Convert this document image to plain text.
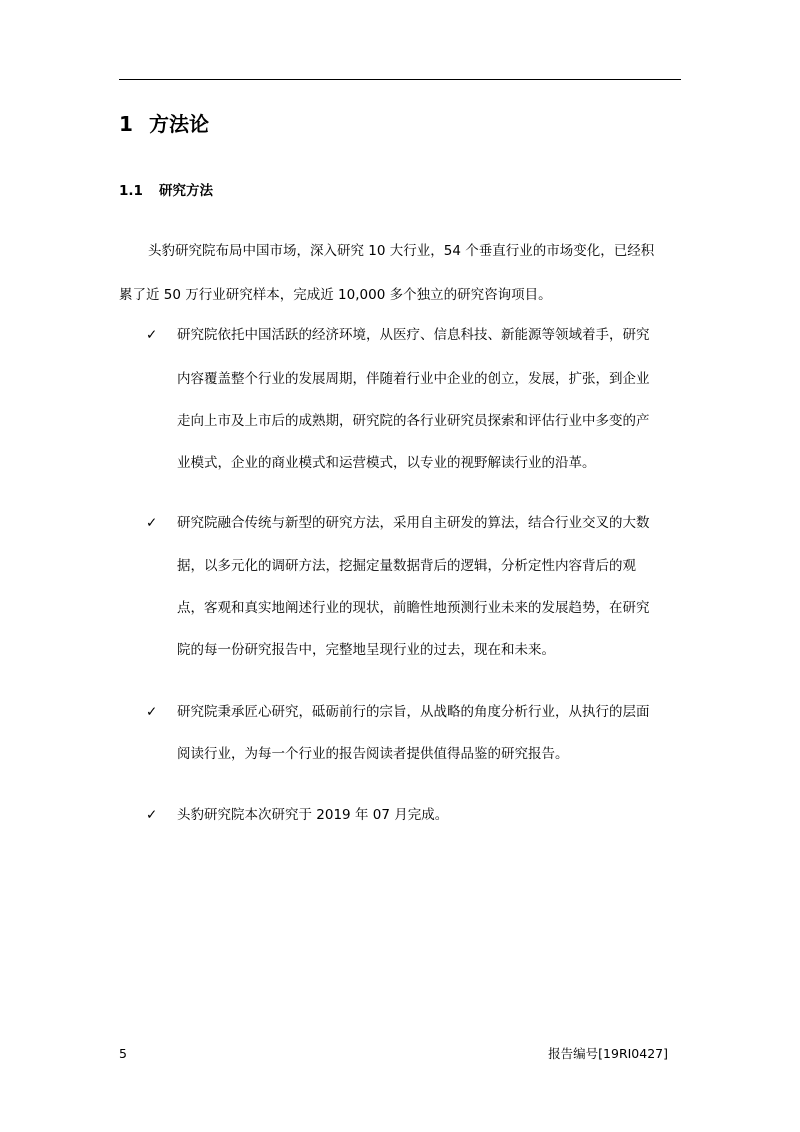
1 方法论
1.1 研究方法
头豹研究院布局中国市场，深入研究 10 大行业，54 个垂直行业的市场变化，已经积
累了近 50 万行业研究样本，完成近 10,000 多个独立的研究咨询项目。
✓ 研究院依托中国活跃的经济环境，从医疗、信息科技、新能源等领域着手，研究
内容覆盖整个行业的发展周期，伴随着行业中企业的创立，发展，扩张，到企业
走向上市及上市后的成熟期，研究院的各行业研究员探索和评估行业中多变的产
业模式，企业的商业模式和运营模式，以专业的视野解读行业的沿革。
✓ 研究院融合传统与新型的研究方法，采用自主研发的算法，结合行业交叉的大数
据，以多元化的调研方法，挖掘定量数据背后的逻辑，分析定性内容背后的观
点，客观和真实地阐述行业的现状，前瞻性地预测行业未来的发展趋势，在研究
院的每一份研究报告中，完整地呈现行业的过去，现在和未来。
✓ 研究院秉承匠心研究，砥砺前行的宗旨，从战略的角度分析行业，从执行的层面
阅读行业，为每一个行业的报告阅读者提供值得品鉴的研究报告。
✓ 头豹研究院本次研究于 2019 年 07 月完成。
5	报告编号[19RI0427]
